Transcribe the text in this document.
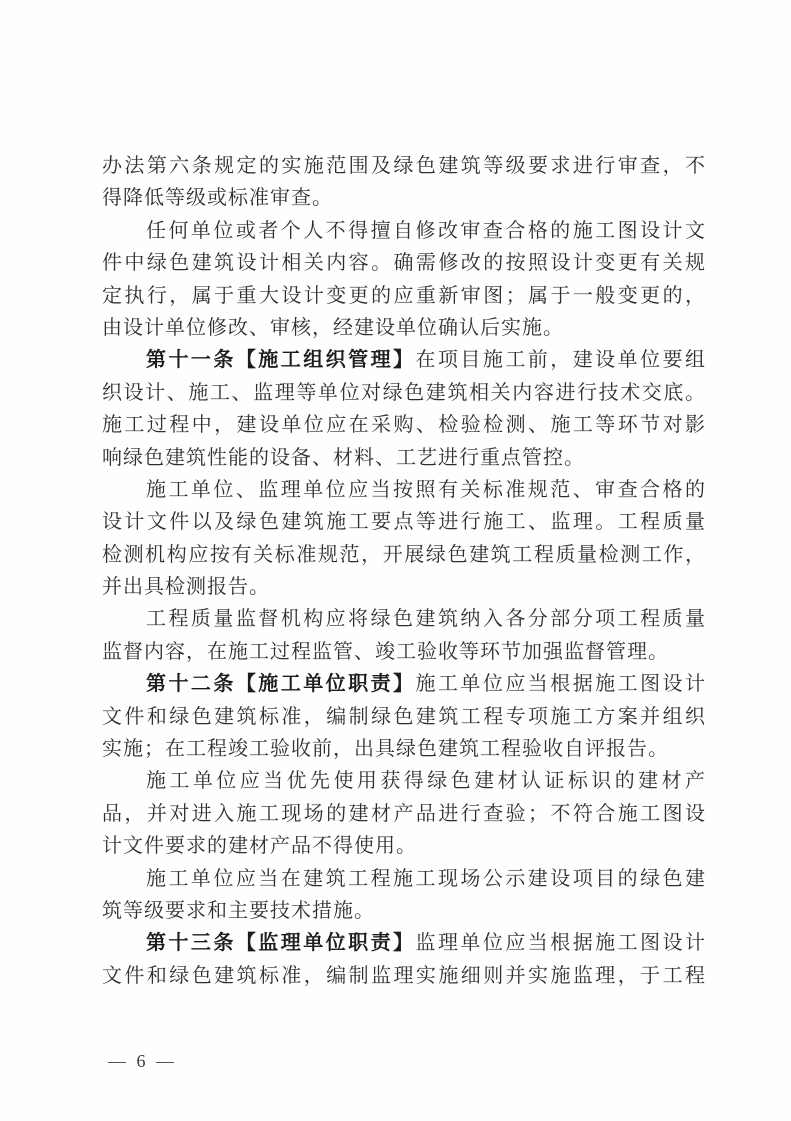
办法第六条规定的实施范围及绿色建筑等级要求进行审查，不
得降低等级或标准审查。
任何单位或者个人不得擅自修改审查合格的施工图设计文
件中绿色建筑设计相关内容。确需修改的按照设计变更有关规
定执行，属于重大设计变更的应重新审图；属于一般变更的，
由设计单位修改、审核，经建设单位确认后实施。
第十一条【施工组织管理】在项目施工前，建设单位要组
织设计、施工、监理等单位对绿色建筑相关内容进行技术交底。
施工过程中，建设单位应在采购、检验检测、施工等环节对影
响绿色建筑性能的设备、材料、工艺进行重点管控。
施工单位、监理单位应当按照有关标准规范、审查合格的
设计文件以及绿色建筑施工要点等进行施工、监理。工程质量
检测机构应按有关标准规范，开展绿色建筑工程质量检测工作，
并出具检测报告。
工程质量监督机构应将绿色建筑纳入各分部分项工程质量
监督内容，在施工过程监管、竣工验收等环节加强监督管理。
第十二条【施工单位职责】施工单位应当根据施工图设计
文件和绿色建筑标准，编制绿色建筑工程专项施工方案并组织
实施；在工程竣工验收前，出具绿色建筑工程验收自评报告。
施工单位应当优先使用获得绿色建材认证标识的建材产
品，并对进入施工现场的建材产品进行查验；不符合施工图设
计文件要求的建材产品不得使用。
施工单位应当在建筑工程施工现场公示建设项目的绿色建
筑等级要求和主要技术措施。
第十三条【监理单位职责】监理单位应当根据施工图设计
文件和绿色建筑标准，编制监理实施细则并实施监理，于工程
— 6 —
